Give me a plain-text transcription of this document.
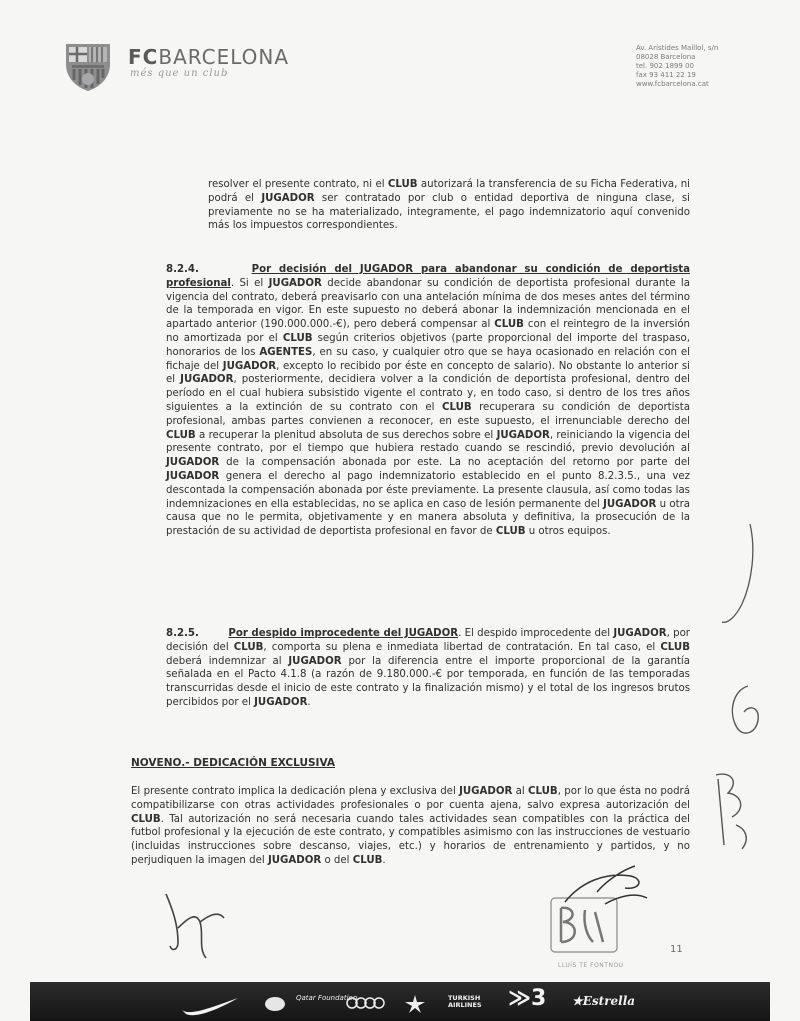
FCBARCELONA
més que un club
Av. Arístides Maillol, s/n
08028 Barcelona
tel. 902 1899 00
fax 93 411 22 19
www.fcbarcelona.cat
resolver el presente contrato, ni el CLUB autorizará la transferencia de su Ficha Federativa, ni podrá el JUGADOR ser contratado por club o entidad deportiva de ninguna clase, si previamente no se ha materializado, integramente, el pago indemnizatorio aquí convenido más los impuestos correspondientes.
8.2.4.	Por decisión del JUGADOR para abandonar su condición de deportista profesional. Si el JUGADOR decide abandonar su condición de deportista profesional durante la vigencia del contrato, deberá preavisarlo con una antelación mínima de dos meses antes del término de la temporada en vigor. En este supuesto no deberá abonar la indemnización mencionada en el apartado anterior (190.000.000.-€), pero deberá compensar al CLUB con el reintegro de la inversión no amortizada por el CLUB según criterios objetivos (parte proporcional del importe del traspaso, honorarios de los AGENTES, en su caso, y cualquier otro que se haya ocasionado en relación con el fichaje del JUGADOR, excepto lo recibido por éste en concepto de salario). No obstante lo anterior si el JUGADOR, posteriormente, decidiera volver a la condición de deportista profesional, dentro del período en el cual hubiera subsistido vigente el contrato y, en todo caso, si dentro de los tres años siguientes a la extinción de su contrato con el CLUB recuperara su condición de deportista profesional, ambas partes convienen a reconocer, en este supuesto, el irrenunciable derecho del CLUB a recuperar la plenitud absoluta de sus derechos sobre el JUGADOR, reiniciando la vigencia del presente contrato, por el tiempo que hubiera restado cuando se rescindió, previo devolución al JUGADOR de la compensación abonada por este. La no aceptación del retorno por parte del JUGADOR genera el derecho al pago indemnizatorio establecido en el punto 8.2.3.5., una vez descontada la compensación abonada por éste previamente. La presente clausula, así como todas las indemnizaciones en ella establecidas, no se aplica en caso de lesión permanente del JUGADOR u otra causa que no le permita, objetivamente y en manera absoluta y definitiva, la prosecución de la prestación de su actividad de deportista profesional en favor de CLUB u otros equipos.
8.2.5.	Por despido improcedente del JUGADOR. El despido improcedente del JUGADOR, por decisión del CLUB, comporta su plena e inmediata libertad de contratación. En tal caso, el CLUB deberá indemnizar al JUGADOR por la diferencia entre el importe proporcional de la garantía señalada en el Pacto 4.1.8 (a razón de 9.180.000.-€ por temporada, en función de las temporadas transcurridas desde el inicio de este contrato y la finalización mismo) y el total de los ingresos brutos percibidos por el JUGADOR.
NOVENO.- DEDICACIÓN EXCLUSIVA
El presente contrato implica la dedicación plena y exclusiva del JUGADOR al CLUB, por lo que ésta no podrá compatibilizarse con otras actividades profesionales o por cuenta ajena, salvo expresa autorización del CLUB. Tal autorización no será necesaria cuando tales actividades sean compatibles con la práctica del futbol profesional y la ejecución de este contrato, y compatibles asimismo con las instrucciones de vestuario (incluidas instrucciones sobre descanso, viajes, etc.) y horarios de entrenamiento y partidos, y no perjudiquen la imagen del JUGADOR o del CLUB.
11
LLUÍS TE FONTNOU
Qatar Foundation	TURKISH AIRLINES	≫3 ★Estrella
